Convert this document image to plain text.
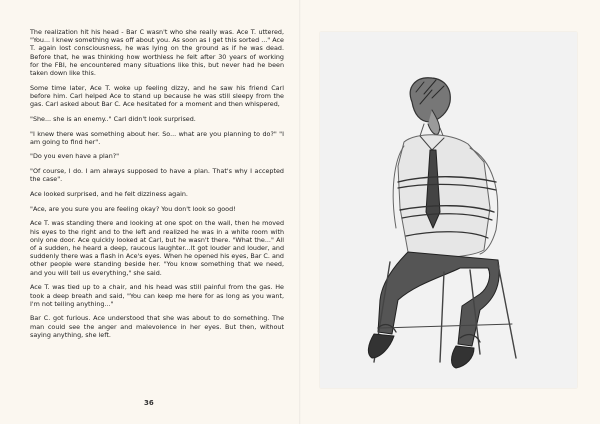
The realization hit his head - Bar C wasn't who she really was. Ace T. uttered, "You... I knew something was off about you. As soon as I get this sorted ..." Ace T. again lost consciousness, he was lying on the ground as if he was dead. Before that, he was thinking how worthless he felt after 30 years of working for the FBI, he encountered many situations like this, but never had he been taken down like this.

Some time later, Ace T. woke up feeling dizzy, and he saw his friend Carl before him. Carl helped Ace to stand up because he was still sleepy from the gas. Carl asked about Bar C. Ace hesitated for a moment and then whispered,

"She... she is an enemy.." Carl didn't look surprised.

"I knew there was something about her. So... what are you planning to do?" "I am going to find her".

"Do you even have a plan?"

"Of course, I do. I am always supposed to have a plan. That's why I accepted the case".

Ace looked surprised, and he felt dizziness again.

"Ace, are you sure you are feeling okay? You don't look so good!

Ace T. was standing there and looking at one spot on the wall, then he moved his eyes to the right and to the left and realized he was in a white room with only one door. Ace quickly looked at Carl, but he wasn't there. "What the..." All of a sudden, he heard a deep, raucous laughter...It got louder and louder, and suddenly there was a flash in Ace's eyes. When he opened his eyes, Bar C. and other people were standing beside her. "You know something that we need, and you will tell us everything," she said.

Ace T. was tied up to a chair, and his head was still painful from the gas. He took a deep breath and said, "You can keep me here for as long as you want, I'm not telling anything..."

Bar C. got furious. Ace understood that she was about to do something. The man could see the anger and malevolence in her eyes. But then, without saying anything, she left.

36
